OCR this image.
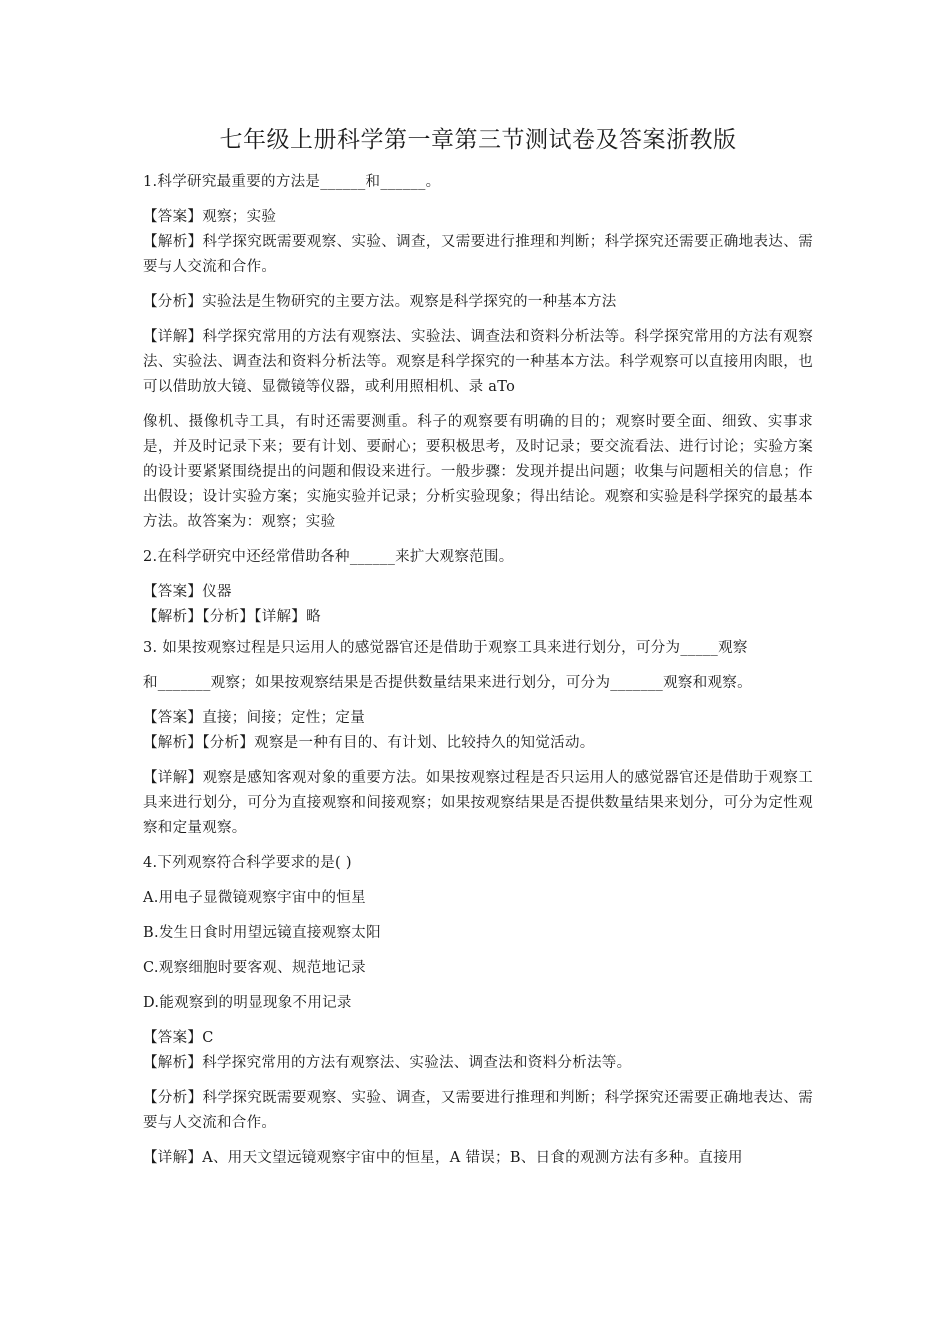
七年级上册科学第一章第三节测试卷及答案浙教版

1.科学研究最重要的方法是______和______。

【答案】观察；实验

【解析】科学探究既需要观察、实验、调查，又需要进行推理和判断；科学探究还需要正确地表达、需要与人交流和合作。

【分析】实验法是生物研究的主要方法。观察是科学探究的一种基本方法

【详解】科学探究常用的方法有观察法、实验法、调查法和资料分析法等。科学探究常用的方法有观察法、实验法、调查法和资料分析法等。观察是科学探究的一种基本方法。科学观察可以直接用肉眼，也可以借助放大镜、显微镜等仪器，或利用照相机、录 aTo

像机、摄像机寺工具，有时还需要测重。科子的观察要有明确的目的；观察时要全面、细致、实事求是，并及时记录下来；要有计划、要耐心；要积极思考，及时记录；要交流看法、进行讨论；实验方案的设计要紧紧围绕提出的问题和假设来进行。一般步骤：发现并提出问题；收集与问题相关的信息；作出假设；设计实验方案；实施实验并记录；分析实验现象；得出结论。观察和实验是科学探究的最基本方法。故答案为：观察；实验

2.在科学研究中还经常借助各种______来扩大观察范围。

【答案】仪器

【解析】【分析】【详解】略

3. 如果按观察过程是只运用人的感觉器官还是借助于观察工具来进行划分，可分为_____观察

和_______观察；如果按观察结果是否提供数量结果来进行划分，可分为_______观察和观察。

【答案】直接；间接；定性；定量

【解析】【分析】观察是一种有目的、有计划、比较持久的知觉活动。

【详解】观察是感知客观对象的重要方法。如果按观察过程是否只运用人的感觉器官还是借助于观察工具来进行划分，可分为直接观察和间接观察；如果按观察结果是否提供数量结果来划分，可分为定性观察和定量观察。

4.下列观察符合科学要求的是( )

A.用电子显微镜观察宇宙中的恒星

B.发生日食时用望远镜直接观察太阳

C.观察细胞时要客观、规范地记录

D.能观察到的明显现象不用记录

【答案】C

【解析】科学探究常用的方法有观察法、实验法、调查法和资料分析法等。

【分析】科学探究既需要观察、实验、调查，又需要进行推理和判断；科学探究还需要正确地表达、需要与人交流和合作。

【详解】A、用天文望远镜观察宇宙中的恒星，A 错误；B、日食的观测方法有多种。直接用
